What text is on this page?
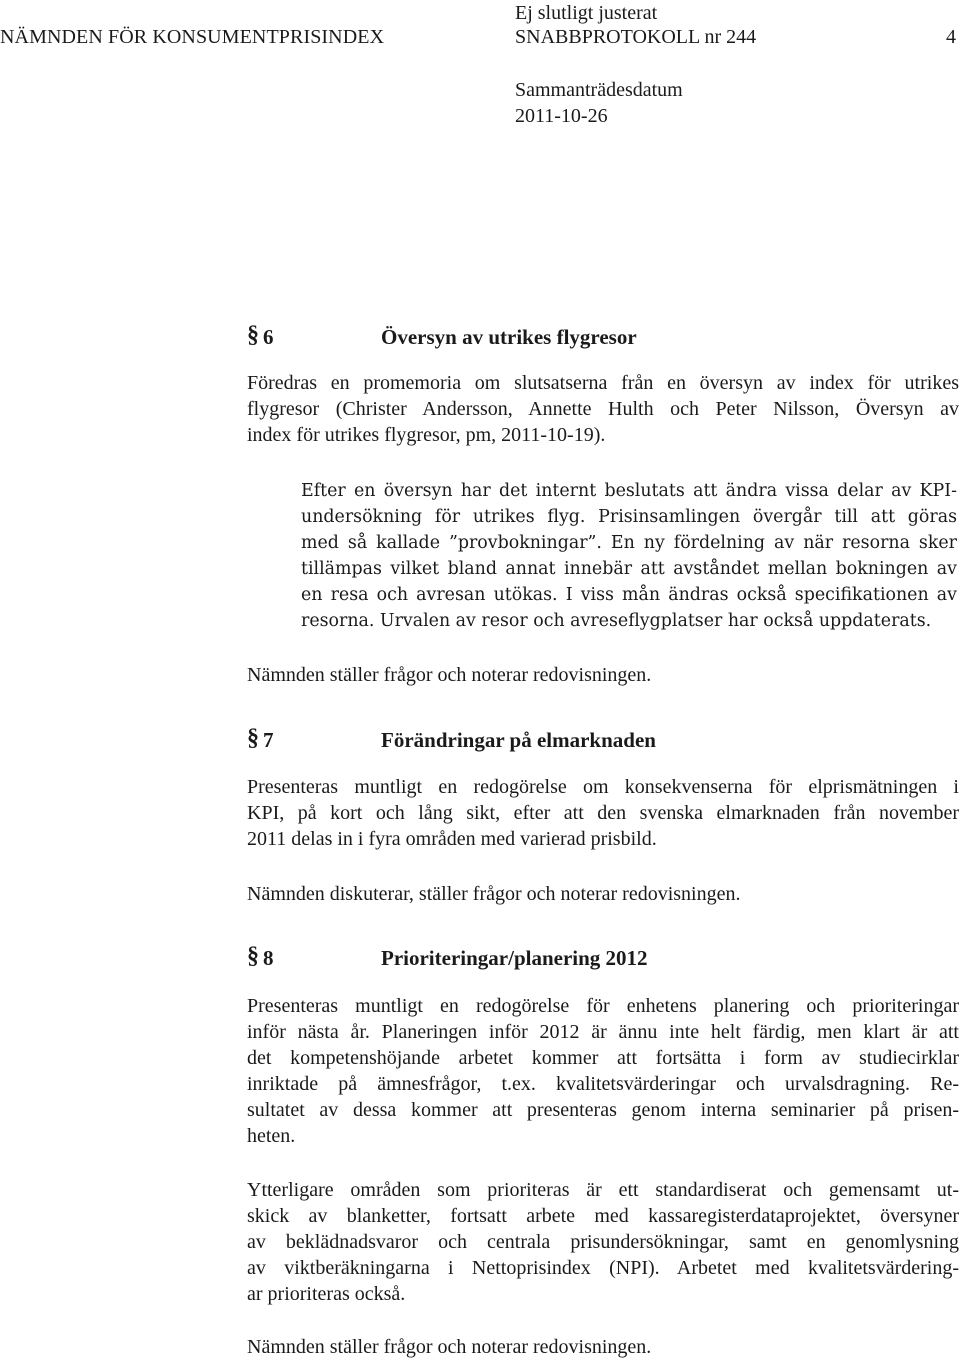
Ej slutligt justerat
NÄMNDEN FÖR KONSUMENTPRISINDEX	SNABBPROTOKOLL nr 244	4
Sammanträdesdatum
2011-10-26
§ 6	Översyn av utrikes flygresor
Föredras en promemoria om slutsatserna från en översyn av index för utrikes
flygresor (Christer Andersson, Annette Hulth och Peter Nilsson, Översyn av
index för utrikes flygresor, pm, 2011-10-19).
Efter en översyn har det internt beslutats att ändra vissa delar av KPI-
undersökning för utrikes flyg. Prisinsamlingen övergår till att göras
med så kallade ”provbokningar”. En ny fördelning av när resorna sker
tillämpas vilket bland annat innebär att avståndet mellan bokningen av
en resa och avresan utökas. I viss mån ändras också specifikationen av
resorna. Urvalen av resor och avreseflygplatser har också uppdaterats.
Nämnden ställer frågor och noterar redovisningen.
§ 7	Förändringar på elmarknaden
Presenteras muntligt en redogörelse om konsekvenserna för elprismätningen i
KPI, på kort och lång sikt, efter att den svenska elmarknaden från november
2011 delas in i fyra områden med varierad prisbild.
Nämnden diskuterar, ställer frågor och noterar redovisningen.
§ 8	Prioriteringar/planering 2012
Presenteras muntligt en redogörelse för enhetens planering och prioriteringar
inför nästa år. Planeringen inför 2012 är ännu inte helt färdig, men klart är att
det kompetenshöjande arbetet kommer att fortsätta i form av studiecirklar
inriktade på ämnesfrågor, t.ex. kvalitetsvärderingar och urvalsdragning. Re-
sultatet av dessa kommer att presenteras genom interna seminarier på prisen-
heten.
Ytterligare områden som prioriteras är ett standardiserat och gemensamt ut-
skick av blanketter, fortsatt arbete med kassaregisterdataprojektet, översyner
av beklädnadsvaror och centrala prisundersökningar, samt en genomlysning
av viktberäkningarna i Nettoprisindex (NPI). Arbetet med kvalitetsvärdering-
ar prioriteras också.
Nämnden ställer frågor och noterar redovisningen.
